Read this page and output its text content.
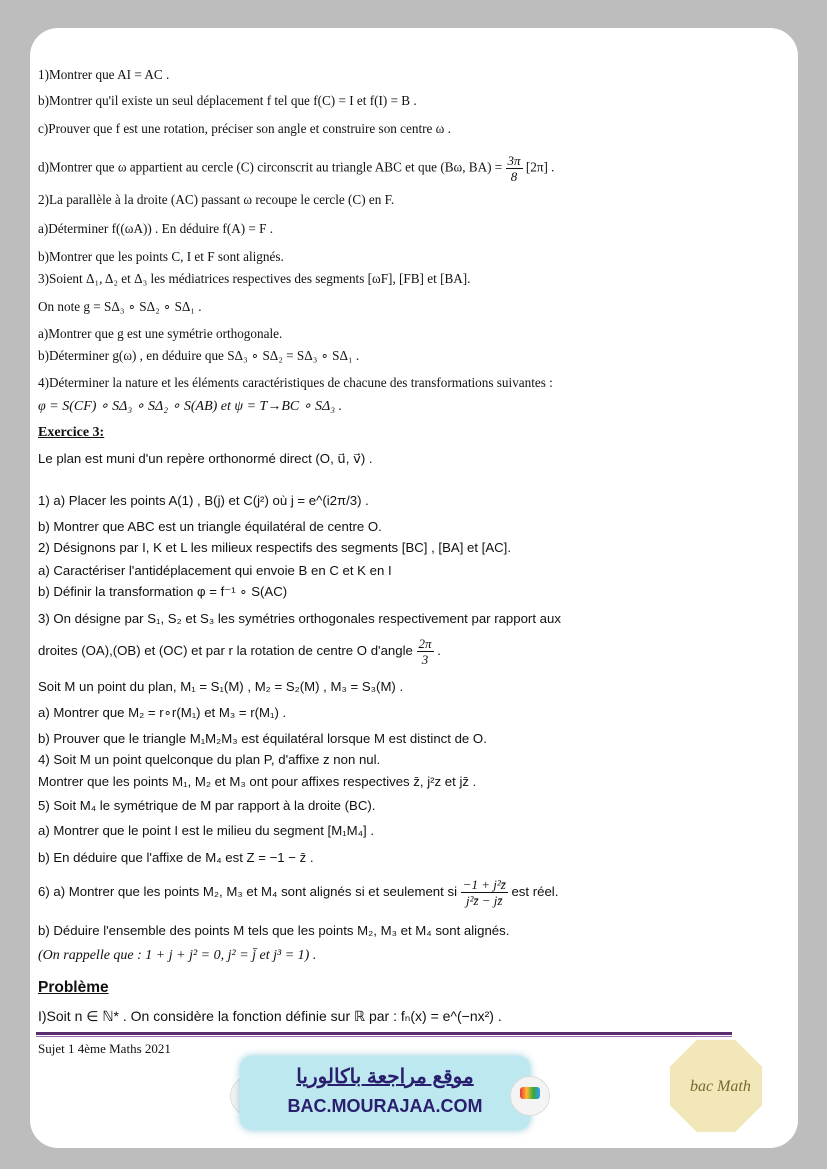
1)Montrer que AI = AC .
b)Montrer qu'il existe un seul déplacement f tel que f(C) = I et f(I) = B .
c)Prouver que f est une rotation, préciser son angle et construire son centre ω .
d)Montrer que ω appartient au cercle (C) circonscrit au triangle ABC et que (Bω, $BA) = \frac{3\pi}{8} [2\pi]$ .
2)La parallèle à la droite (AC) passant ω recoupe le cercle (C) en F.
a)Déterminer f((ωA)) . En déduire f(A) = F .
b)Montrer que les points C, I et F sont alignés.
3)Soient Δ₁, Δ₂ et Δ₃ les médiatrices respectives des segments [ωF], [FB] et [BA].
On note g = SΔ₃ ∘ SΔ₂ ∘ SΔ₁ .
a)Montrer que g est une symétrie orthogonale.
b)Déterminer g(ω) , en déduire que SΔ₃ ∘ SΔ₂ = SΔ₃ ∘ SΔ₁ .
4)Déterminer la nature et les éléments caractéristiques de chacune des transformations suivantes :
φ = S(CF) ∘ SΔ₃ ∘ SΔ₂ ∘ S(AB) et ψ = T→BC ∘ SΔ₃ .
Exercice 3:
Le plan est muni d'un repère orthonormé direct (O, u⃗, v⃗) .
1) a) Placer les points A(1) , B(j) et C(j²) où j = e^(i2π/3) .
b) Montrer que ABC est un triangle équilatéral de centre O.
2) Désignons par I, K et L les milieux respectifs des segments [BC] , [BA] et [AC].
a) Caractériser l'antidéplacement qui envoie B en C et K en I
b) Définir la transformation φ = f⁻¹ ∘ S(AC)
3) On désigne par S₁, S₂ et S₃ les symétries orthogonales respectivement par rapport aux
droites (OA),(OB) et (OC) et par r la rotation de centre O d'angle $\frac{2\pi}{3}$ .
Soit M un point du plan, M₁ = S₁(M) , M₂ = S₂(M) , M₃ = S₃(M) .
a) Montrer que M₂ = r∘r(M₁) et M₃ = r(M₁) .
b) Prouver que le triangle M₁M₂M₃ est équilatéral lorsque M est distinct de O.
4) Soit M un point quelconque du plan P, d'affixe z non nul.
Montrer que les points M₁, M₂ et M₃ ont pour affixes respectives z̄, j²z et jz̄ .
5) Soit M₄ le symétrique de M par rapport à la droite (BC).
a) Montrer que le point I est le milieu du segment [M₁M₄] .
b) En déduire que l'affixe de M₄ est Z = −1 − z̄ .
6) a) Montrer que les points M₂, M₃ et M₄ sont alignés si et seulement si $\frac{\text{−1 + j²z̄}}{\text{j²z̄ − jz̄}}$ est réel.
b) Déduire l'ensemble des points M tels que les points M₂, M₃ et M₄ sont alignés.
(On rappelle que : 1 + j + j² = 0, j² = j̄ et j³ = 1) .
Problème
I)Soit n ∈ ℕ* . On considère la fonction définie sur ℝ par : fₙ(x) = e^(−nx²) .
Sujet 1 4ème Maths 2021
موقع مراجعة باكالوريا
BAC.MOURAJAA.COM
bac Math
